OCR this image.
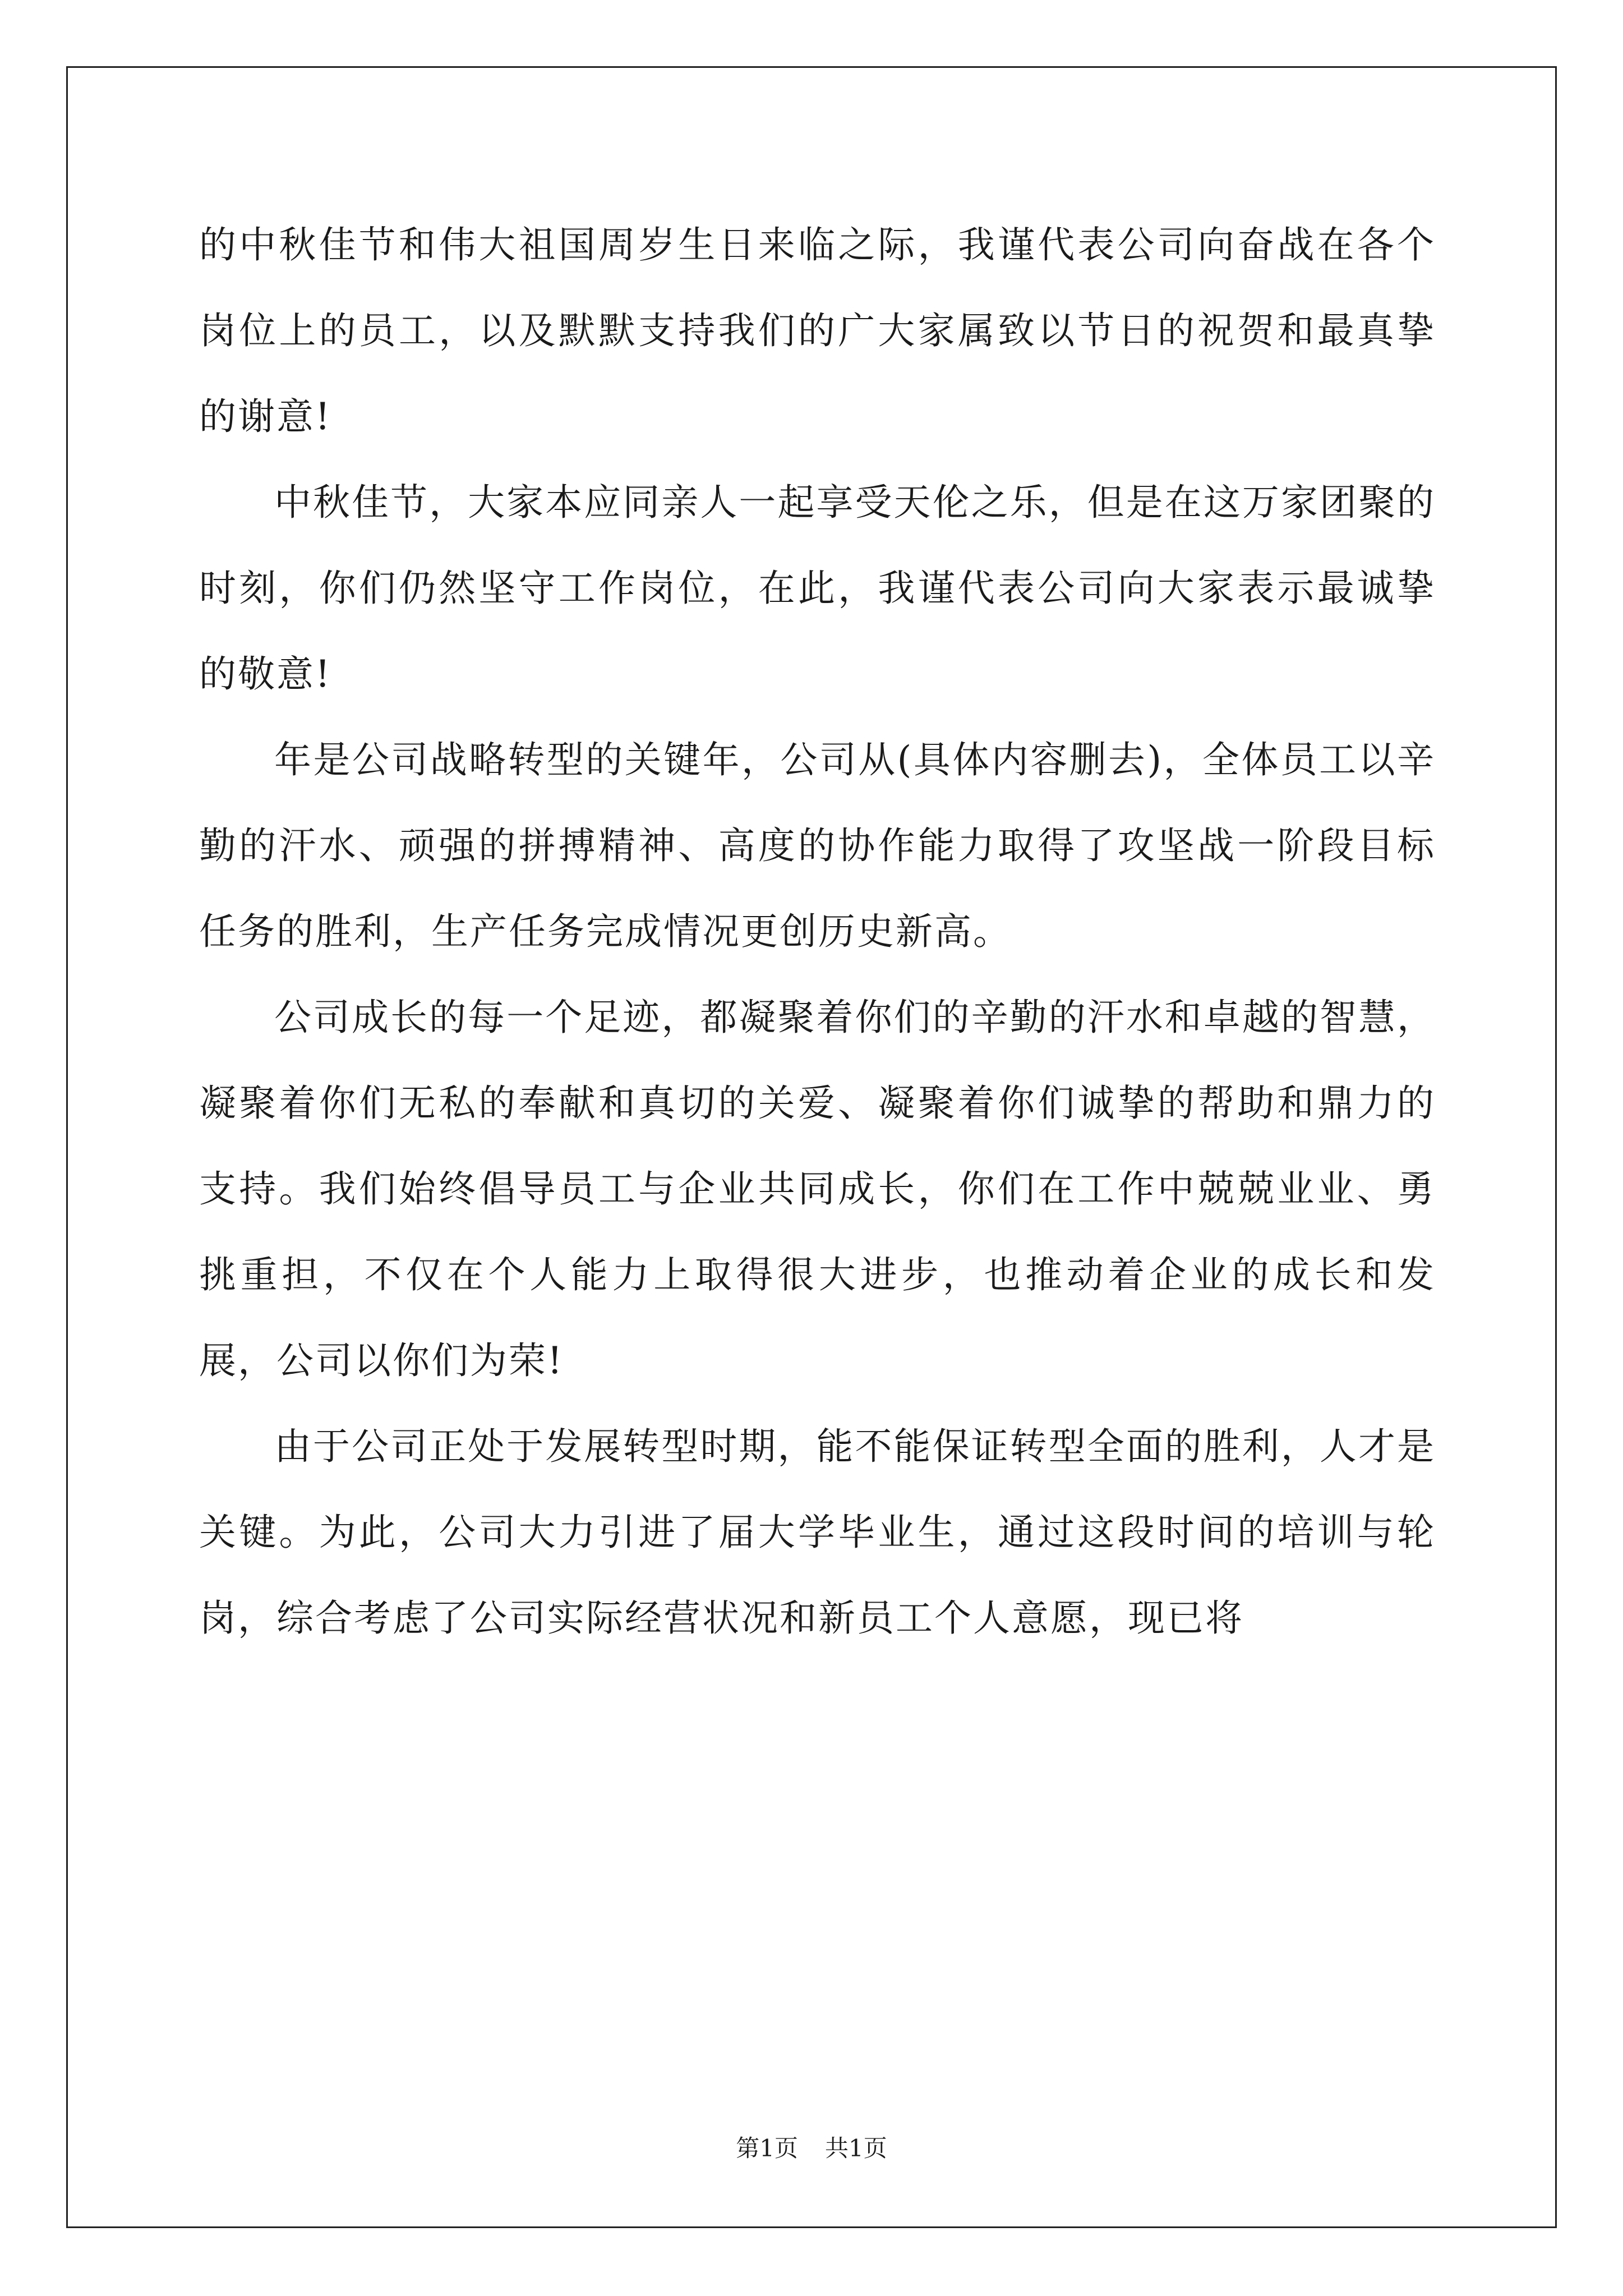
的中秋佳节和伟大祖国周岁生日来临之际，我谨代表公司向奋战在各个岗位上的员工，以及默默支持我们的广大家属致以节日的祝贺和最真挚的谢意!

中秋佳节，大家本应同亲人一起享受天伦之乐，但是在这万家团聚的时刻，你们仍然坚守工作岗位，在此，我谨代表公司向大家表示最诚挚的敬意!

年是公司战略转型的关键年，公司从(具体内容删去)，全体员工以辛勤的汗水、顽强的拼搏精神、高度的协作能力取得了攻坚战一阶段目标任务的胜利，生产任务完成情况更创历史新高。

公司成长的每一个足迹，都凝聚着你们的辛勤的汗水和卓越的智慧，凝聚着你们无私的奉献和真切的关爱、凝聚着你们诚挚的帮助和鼎力的支持。我们始终倡导员工与企业共同成长，你们在工作中兢兢业业、勇挑重担，不仅在个人能力上取得很大进步，也推动着企业的成长和发展，公司以你们为荣!

由于公司正处于发展转型时期，能不能保证转型全面的胜利，人才是关键。为此，公司大力引进了届大学毕业生，通过这段时间的培训与轮岗，综合考虑了公司实际经营状况和新员工个人意愿，现已将

第1页 共1页
